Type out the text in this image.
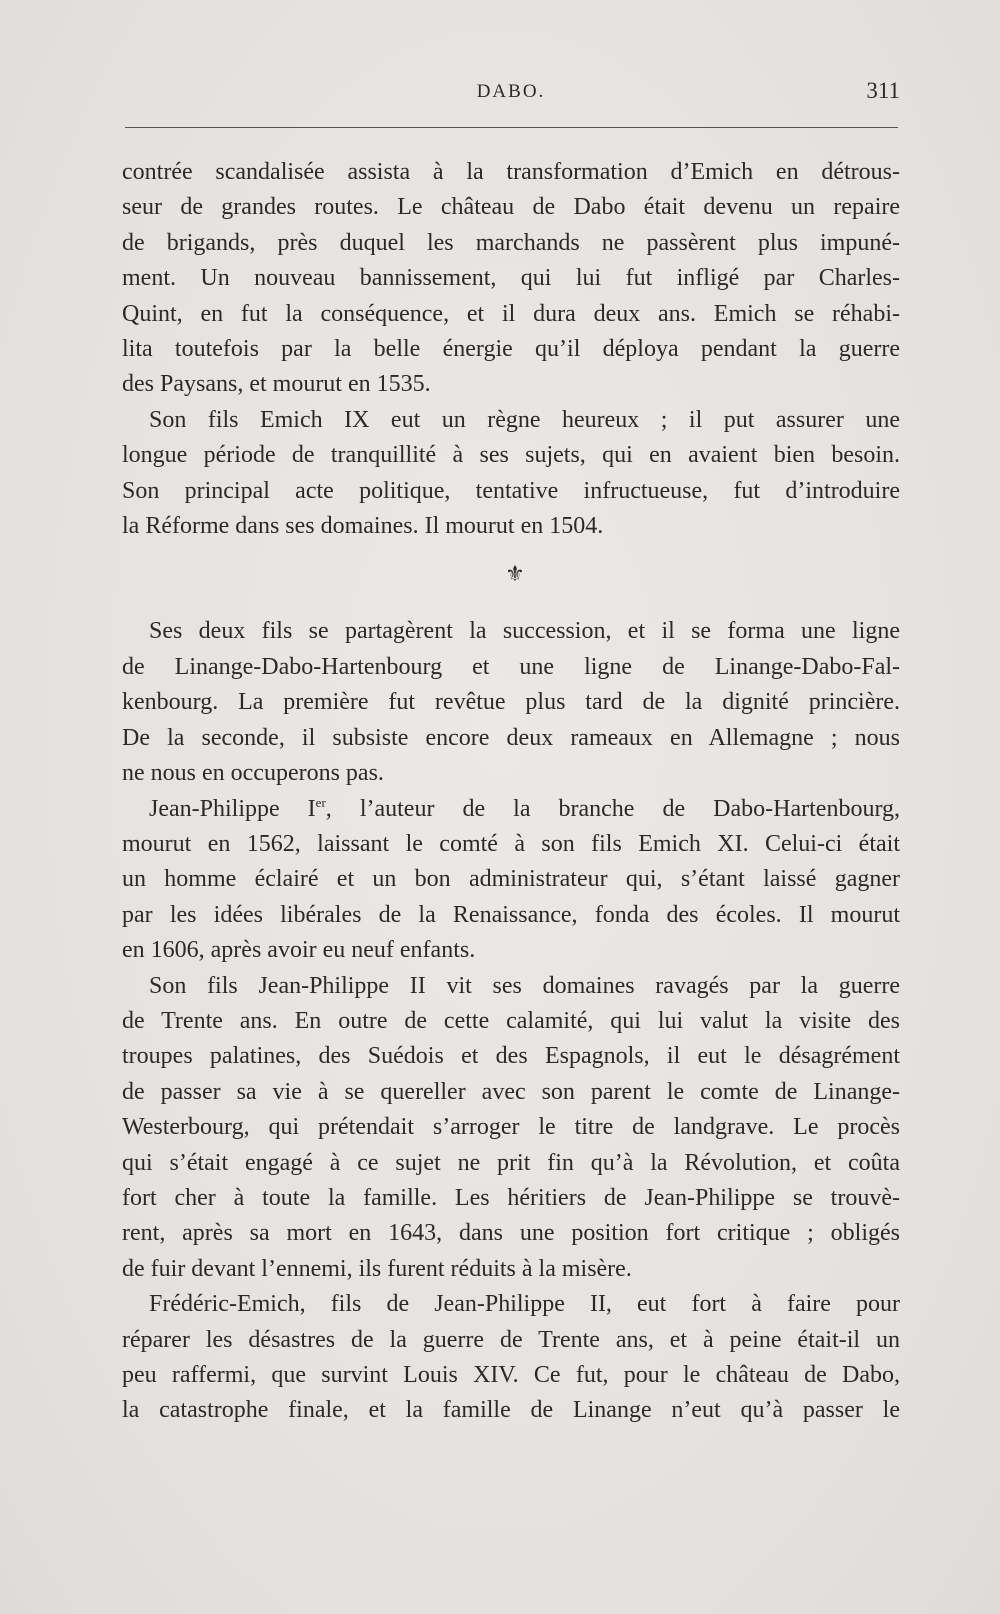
DABO.	311

contrée scandalisée assista à la transformation d’Emich en détrous-
seur de grandes routes. Le château de Dabo était devenu un repaire
de brigands, près duquel les marchands ne passèrent plus impuné-
ment. Un nouveau bannissement, qui lui fut infligé par Charles-
Quint, en fut la conséquence, et il dura deux ans. Emich se réhabi-
lita toutefois par la belle énergie qu’il déploya pendant la guerre
des Paysans, et mourut en 1535.

Son fils Emich IX eut un règne heureux ; il put assurer une
longue période de tranquillité à ses sujets, qui en avaient bien besoin.
Son principal acte politique, tentative infructueuse, fut d’introduire
la Réforme dans ses domaines. Il mourut en 1504.

⚜

Ses deux fils se partagèrent la succession, et il se forma une ligne
de Linange-Dabo-Hartenbourg et une ligne de Linange-Dabo-Fal-
kenbourg. La première fut revêtue plus tard de la dignité princière.
De la seconde, il subsiste encore deux rameaux en Allemagne ; nous
ne nous en occuperons pas.

Jean-Philippe Ier, l’auteur de la branche de Dabo-Hartenbourg,
mourut en 1562, laissant le comté à son fils Emich XI. Celui-ci était
un homme éclairé et un bon administrateur qui, s’étant laissé gagner
par les idées libérales de la Renaissance, fonda des écoles. Il mourut
en 1606, après avoir eu neuf enfants.

Son fils Jean-Philippe II vit ses domaines ravagés par la guerre
de Trente ans. En outre de cette calamité, qui lui valut la visite des
troupes palatines, des Suédois et des Espagnols, il eut le désagrément
de passer sa vie à se quereller avec son parent le comte de Linange-
Westerbourg, qui prétendait s’arroger le titre de landgrave. Le procès
qui s’était engagé à ce sujet ne prit fin qu’à la Révolution, et coûta
fort cher à toute la famille. Les héritiers de Jean-Philippe se trouvè-
rent, après sa mort en 1643, dans une position fort critique ; obligés
de fuir devant l’ennemi, ils furent réduits à la misère.

Frédéric-Emich, fils de Jean-Philippe II, eut fort à faire pour
réparer les désastres de la guerre de Trente ans, et à peine était-il un
peu raffermi, que survint Louis XIV. Ce fut, pour le château de Dabo,
la catastrophe finale, et la famille de Linange n’eut qu’à passer le
